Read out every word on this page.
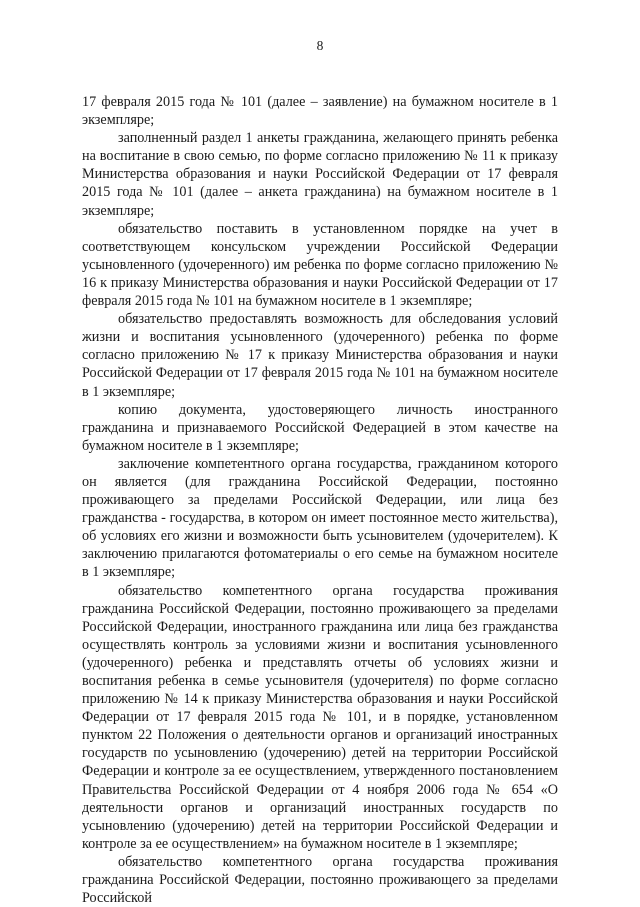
8

17 февраля 2015 года № 101 (далее – заявление) на бумажном носителе в 1 экземпляре;

заполненный раздел 1 анкеты гражданина, желающего принять ребенка на воспитание в свою семью, по форме согласно приложению № 11 к приказу Министерства образования и науки Российской Федерации от 17 февраля 2015 года № 101 (далее – анкета гражданина) на бумажном носителе в 1 экземпляре;

обязательство поставить в установленном порядке на учет в соответствующем консульском учреждении Российской Федерации усыновленного (удочеренного) им ребенка по форме согласно приложению № 16 к приказу Министерства образования и науки Российской Федерации от 17 февраля 2015 года № 101 на бумажном носителе в 1 экземпляре;

обязательство предоставлять возможность для обследования условий жизни и воспитания усыновленного (удочеренного) ребенка по форме согласно приложению № 17 к приказу Министерства образования и науки Российской Федерации от 17 февраля 2015 года № 101 на бумажном носителе в 1 экземпляре;

копию документа, удостоверяющего личность иностранного гражданина и признаваемого Российской Федерацией в этом качестве на бумажном носителе в 1 экземпляре;

заключение компетентного органа государства, гражданином которого он является (для гражданина Российской Федерации, постоянно проживающего за пределами Российской Федерации, или лица без гражданства - государства, в котором он имеет постоянное место жительства), об условиях его жизни и возможности быть усыновителем (удочерителем). К заключению прилагаются фотоматериалы о его семье на бумажном носителе в 1 экземпляре;

обязательство компетентного органа государства проживания гражданина Российской Федерации, постоянно проживающего за пределами Российской Федерации, иностранного гражданина или лица без гражданства осуществлять контроль за условиями жизни и воспитания усыновленного (удочеренного) ребенка и представлять отчеты об условиях жизни и воспитания ребенка в семье усыновителя (удочерителя) по форме согласно приложению № 14 к приказу Министерства образования и науки Российской Федерации от 17 февраля 2015 года № 101, и в порядке, установленном пунктом 22 Положения о деятельности органов и организаций иностранных государств по усыновлению (удочерению) детей на территории Российской Федерации и контроле за ее осуществлением, утвержденного постановлением Правительства Российской Федерации от 4 ноября 2006 года № 654 «О деятельности органов и организаций иностранных государств по усыновлению (удочерению) детей на территории Российской Федерации и контроле за ее осуществлением» на бумажном носителе в 1 экземпляре;

обязательство компетентного органа государства проживания гражданина Российской Федерации, постоянно проживающего за пределами Российской
